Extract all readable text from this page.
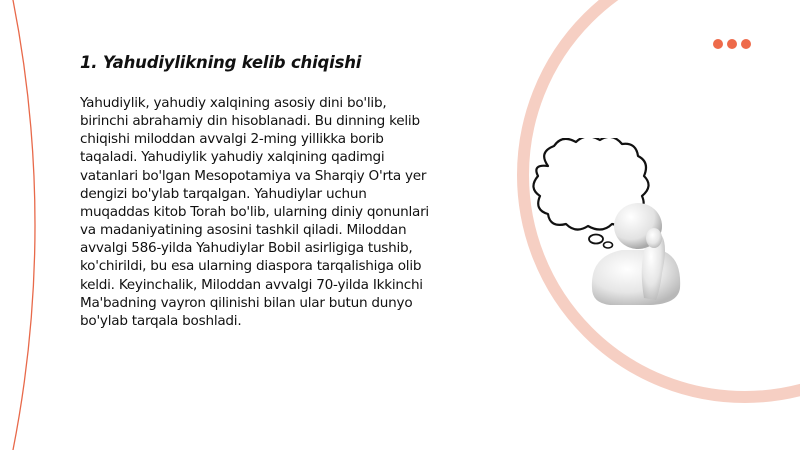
1. Yahudiylikning kelib chiqishi

Yahudiylik, yahudiy xalqining asosiy dini bo'lib, birinchi abrahamiy din hisoblanadi. Bu dinning kelib chiqishi miloddan avvalgi 2-ming yillikka borib taqaladi. Yahudiylik yahudiy xalqining qadimgi vatanlari bo'lgan Mesopotamiya va Sharqiy O'rta yer dengizi bo'ylab tarqalgan. Yahudiylar uchun muqaddas kitob Torah bo'lib, ularning diniy qonunlari va madaniyatining asosini tashkil qiladi. Miloddan avvalgi 586-yilda Yahudiylar Bobil asirligiga tushib, ko'chirildi, bu esa ularning diaspora tarqalishiga olib keldi. Keyinchalik, Miloddan avvalgi 70-yilda Ikkinchi Ma'badning vayron qilinishi bilan ular butun dunyo bo'ylab tarqala boshladi.
